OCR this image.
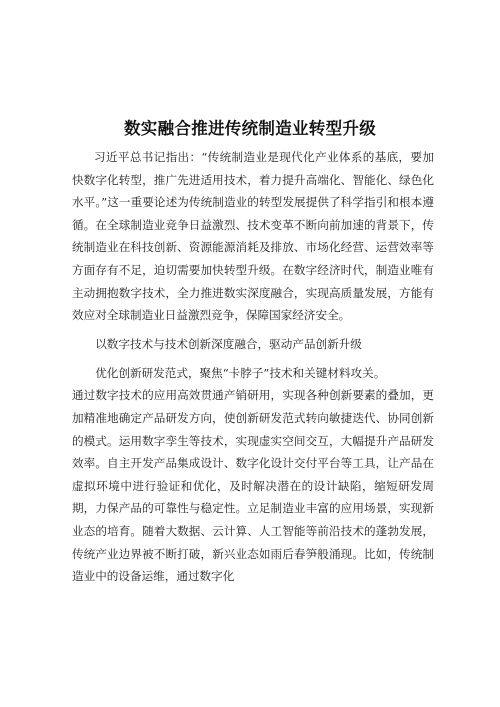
数实融合推进传统制造业转型升级

习近平总书记指出：“传统制造业是现代化产业体系的基底，要加快数字化转型，推广先进适用技术，着力提升高端化、智能化、绿色化水平。”这一重要论述为传统制造业的转型发展提供了科学指引和根本遵循。在全球制造业竞争日益激烈、技术变革不断向前加速的背景下，传统制造业在科技创新、资源能源消耗及排放、市场化经营、运营效率等方面存有不足，迫切需要加快转型升级。在数字经济时代，制造业唯有主动拥抱数字技术，全力推进数实深度融合，实现高质量发展，方能有效应对全球制造业日益激烈竞争，保障国家经济安全。

以数字技术与技术创新深度融合，驱动产品创新升级

优化创新研发范式，聚焦“卡脖子”技术和关键材料攻关。

通过数字技术的应用高效贯通产销研用，实现各种创新要素的叠加，更加精准地确定产品研发方向，使创新研发范式转向敏捷迭代、协同创新的模式。运用数字孪生等技术，实现虚实空间交互，大幅提升产品研发效率。自主开发产品集成设计、数字化设计交付平台等工具，让产品在虚拟环境中进行验证和优化，及时解决潜在的设计缺陷，缩短研发周期，力保产品的可靠性与稳定性。立足制造业丰富的应用场景，实现新业态的培育。随着大数据、云计算、人工智能等前沿技术的蓬勃发展，传统产业边界被不断打破，新兴业态如雨后春笋般涌现。比如，传统制造业中的设备运维，通过数字化
